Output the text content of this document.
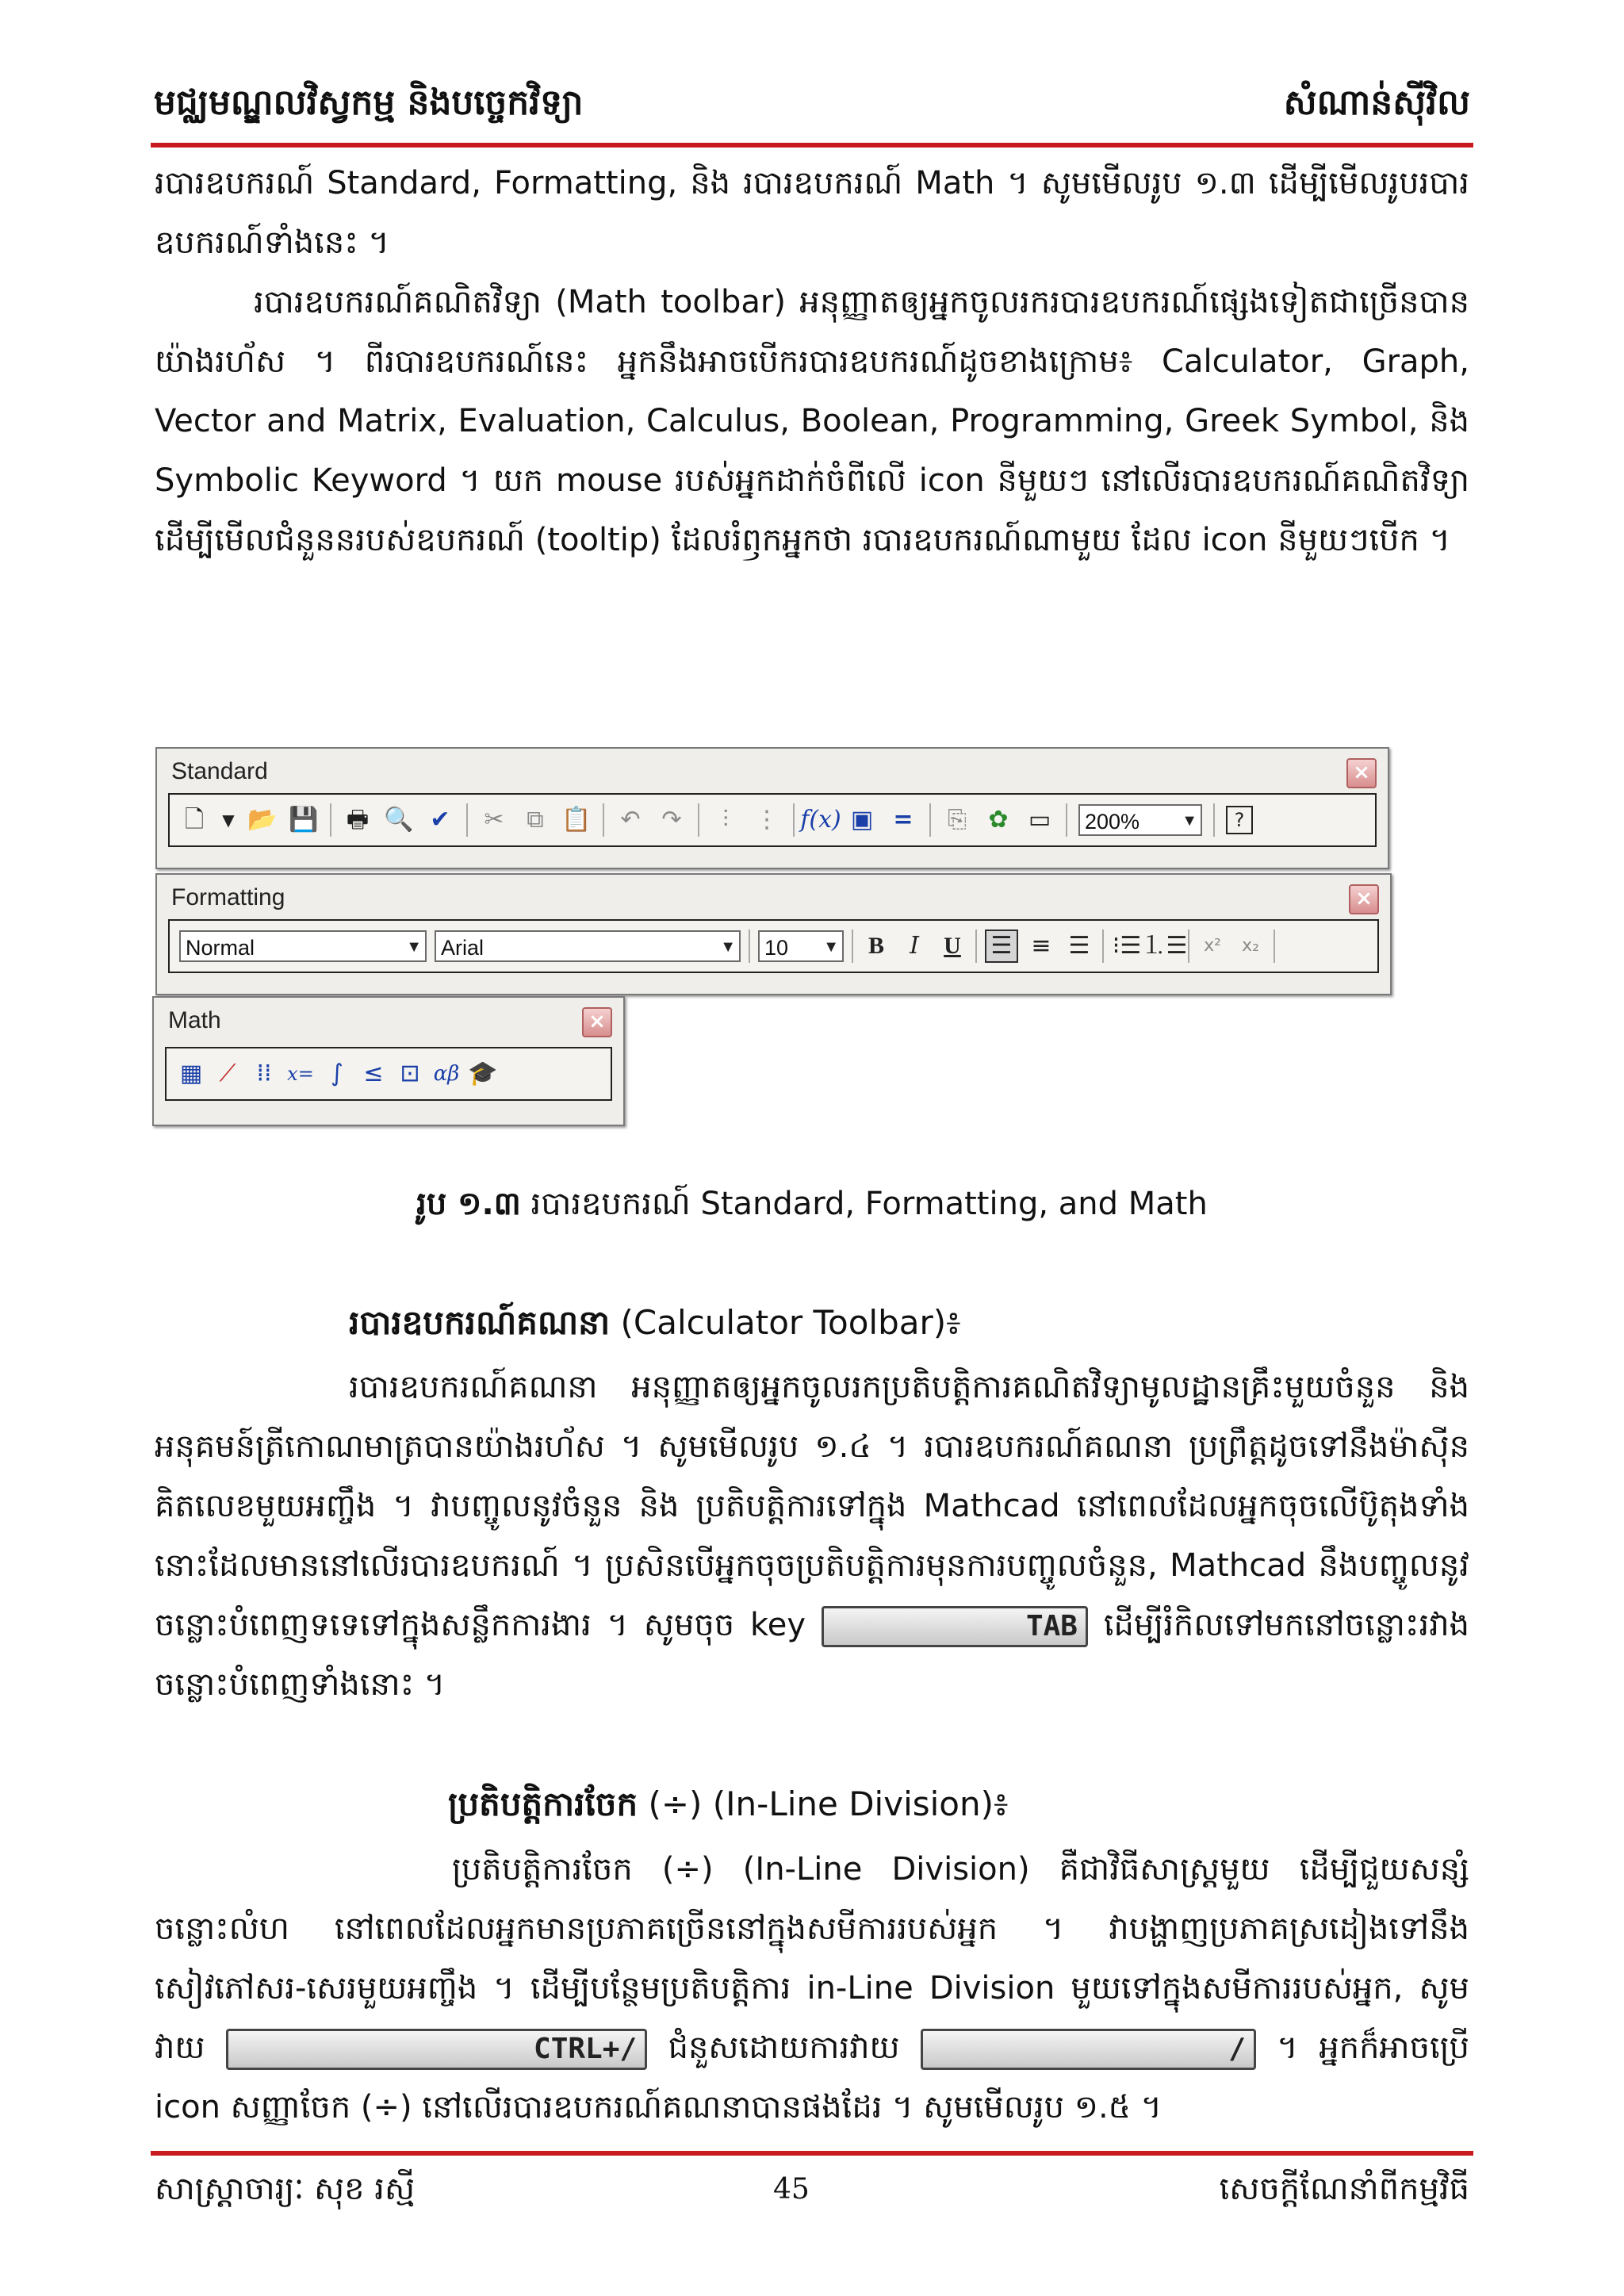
មជ្ឈមណ្ឌលវិស្វកម្ម និងបច្ចេកវិទ្យា	សំណាន់ស៊ីវិល
របារឧបករណ៍ Standard, Formatting, និង របារឧបករណ៍ Math ។ សូមមើលរូប ១.៣ ដើម្បីមើលរូបរបារឧបករណ៍ទាំងនេះ ។
របារឧបករណ៍គណិតវិទ្យា (Math toolbar) អនុញ្ញាតឲ្យអ្នកចូលរករបារឧបករណ៍ផ្សេងទៀតជាច្រើនបានយ៉ាងរហ័ស ។ ពីរបារឧបករណ៍នេះ អ្នកនឹងអាចបើករបារឧបករណ៍ដូចខាងក្រោម៖ Calculator, Graph, Vector and Matrix, Evaluation, Calculus, Boolean, Programming, Greek Symbol, និង Symbolic Keyword ។ យក mouse របស់អ្នកដាក់ចំពីលើ icon នីមួយៗ នៅលើរបារឧបករណ៍គណិតវិទ្យា ដើម្បីមើលជំនួននរបស់ឧបករណ៍ (tooltip) ដែលរំឭកអ្នកថា របារឧបករណ៍ណាមួយ ដែល icon នីមួយៗបើក ។
Standard	×
🗋	▼ 📂 💾 🖶 🔍 ✔ ✂ ⧉ 📋 ↶ ↷	⫶	⋮ f(x) ▣ = ⎘ ✿ ▭ 200%	▼	?
Formatting	×
Normal	▼ Arial	▼ 10 ▼ B	I	U ☰ ≡ ☰ ⁝☰ ⒈☰ x²	x₂
Math	×
▦ ⟋ ⁞⁞ x= ∫ ≤ ⊡ αβ 🎓
រូប ១.៣ របារឧបករណ៍ Standard, Formatting, and Math
របារឧបករណ៍គណនា (Calculator Toolbar)៖
របារឧបករណ៍គណនា អនុញ្ញាតឲ្យអ្នកចូលរកប្រតិបត្តិការគណិតវិទ្យាមូលដ្ឋានគ្រឹះមួយចំនួន និង អនុគមន៍ត្រីកោណមាត្របានយ៉ាងរហ័ស ។ សូមមើលរូប ១.៤ ។ របារឧបករណ៍គណនា ប្រព្រឹត្តដូចទៅនឹងម៉ាស៊ីនគិតលេខមួយអញ្ចឹង ។ វាបញ្ចូលនូវចំនួន និង ប្រតិបត្តិការទៅក្នុង Mathcad នៅពេលដែលអ្នកចុចលើប៊ូតុងទាំងនោះដែលមាននៅលើរបារឧបករណ៍ ។ ប្រសិនបើអ្នកចុចប្រតិបត្តិការមុនការបញ្ចូលចំនួន, Mathcad នឹងបញ្ចូលនូវចន្លោះបំពេញទទេទៅក្នុងសន្លឹកការងារ ។ សូមចុច key	TAB ដើម្បីរំកិលទៅមកនៅចន្លោះរវាងចន្លោះបំពេញទាំងនោះ ។
ប្រតិបត្តិការចែក (÷) (In-Line Division)៖
ប្រតិបត្តិការចែក (÷) (In-Line Division) គឺជាវិធីសាស្ត្រមួយ ដើម្បីជួយសន្សំចន្លោះលំហ នៅពេលដែលអ្នកមានប្រភាគច្រើននៅក្នុងសមីការរបស់អ្នក ។ វាបង្ហាញប្រភាគស្រដៀងទៅនឹងសៀវភៅសរ-សេរមួយអញ្ចឹង ។ ដើម្បីបន្ថែមប្រតិបត្តិការ in-Line Division មួយទៅក្នុងសមីការរបស់អ្នក, សូមវាយ	CTRL+/ ជំនួសដោយការវាយ	/ ។ អ្នកក៏អាចប្រើ icon សញ្ញាចែក (÷) នៅលើរបារឧបករណ៍គណនាបានផងដែរ ។ សូមមើលរូប ១.៥ ។
សាស្ត្រាចារ្យៈ សុខ រស្មី	45	សេចក្តីណែនាំពីកម្មវិធី
